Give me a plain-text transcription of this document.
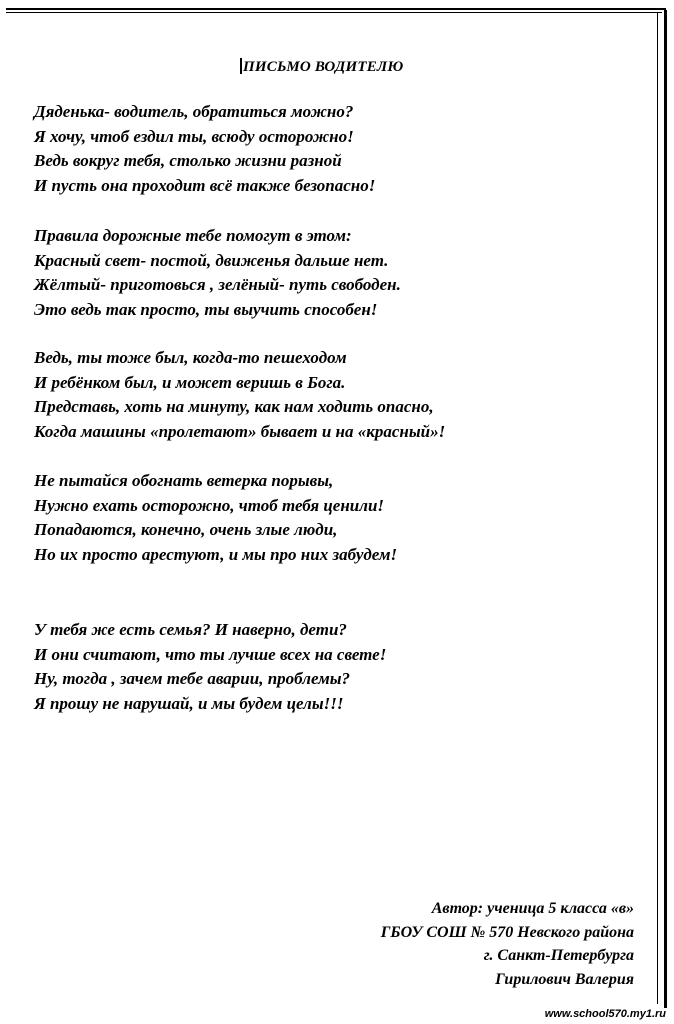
ПИСЬМО ВОДИТЕЛЮ
Дяденька- водитель, обратиться можно?
Я хочу, чтоб ездил ты, всюду осторожно!
Ведь вокруг тебя, столько жизни разной
И пусть она проходит всё также безопасно!
Правила дорожные тебе помогут в этом:
Красный свет- постой, движенья дальше нет.
Жёлтый- приготовься , зелёный- путь свободен.
Это ведь так просто, ты выучить способен!
Ведь, ты тоже был, когда-то пешеходом
И ребёнком был, и может веришь в Бога.
Представь, хоть на минуту, как нам ходить опасно,
Когда машины «пролетают» бывает и на «красный»!
Не пытайся обогнать ветерка порывы,
Нужно ехать осторожно, чтоб тебя ценили!
Попадаются, конечно, очень злые люди,
Но их просто арестуют, и мы про них забудем!
У тебя же есть семья? И наверно, дети?
И они считают, что ты лучше всех на свете!
Ну, тогда , зачем тебе аварии, проблемы?
Я прошу не нарушай, и мы будем целы!!!
Автор: ученица 5 класса «в»
ГБОУ СОШ № 570 Невского района
г. Санкт-Петербурга
Гирилович Валерия
www.school570.my1.ru
